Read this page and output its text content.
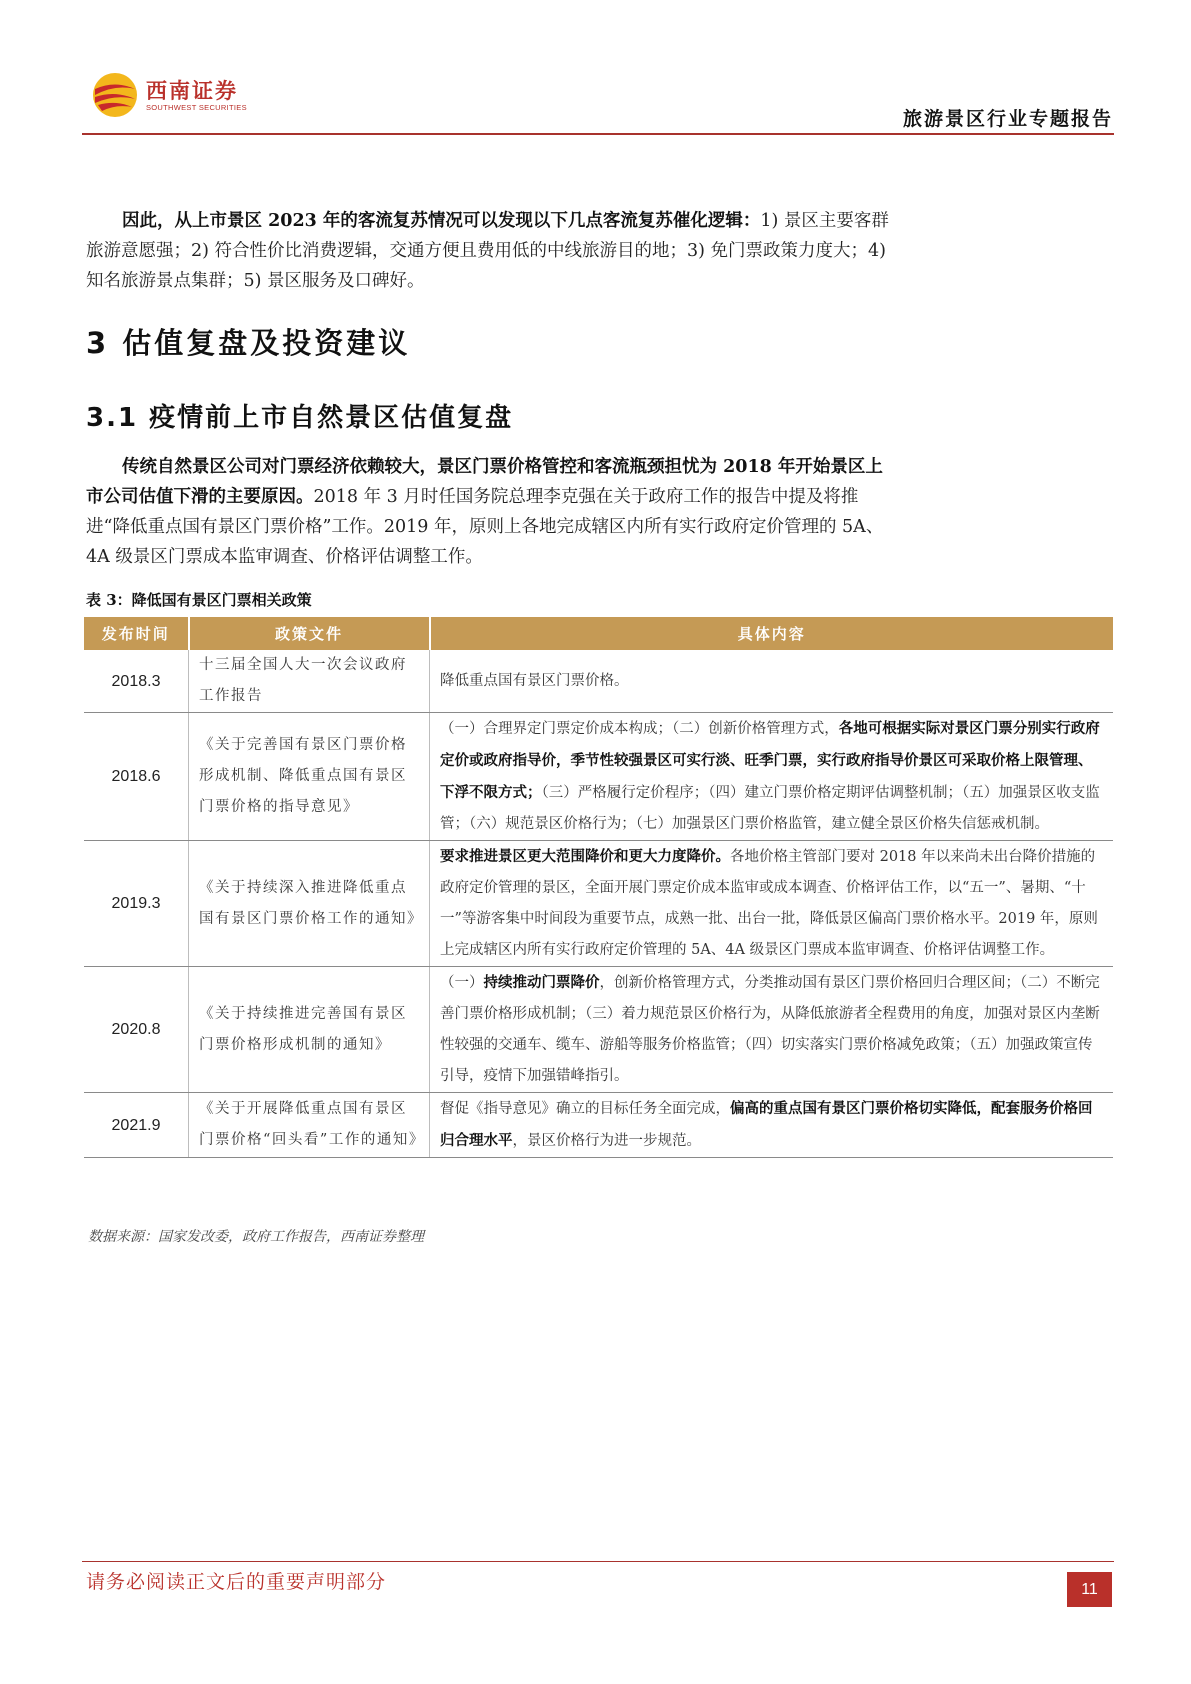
西南证券
SOUTHWEST SECURITIES
旅游景区行业专题报告
因此，从上市景区 2023 年的客流复苏情况可以发现以下几点客流复苏催化逻辑：1) 景区主要客群旅游意愿强；2) 符合性价比消费逻辑，交通方便且费用低的中线旅游目的地；3) 免门票政策力度大；4) 知名旅游景点集群；5) 景区服务及口碑好。
3 估值复盘及投资建议
3.1 疫情前上市自然景区估值复盘
传统自然景区公司对门票经济依赖较大，景区门票价格管控和客流瓶颈担忧为 2018 年开始景区上市公司估值下滑的主要原因。2018 年 3 月时任国务院总理李克强在关于政府工作的报告中提及将推进“降低重点国有景区门票价格”工作。2019 年，原则上各地完成辖区内所有实行政府定价管理的 5A、4A 级景区门票成本监审调查、价格评估调整工作。
表 3：降低国有景区门票相关政策
发布时间	政策文件	具体内容
2018.3	十三届全国人大一次会议政府工作报告	降低重点国有景区门票价格。
2018.6	《关于完善国有景区门票价格形成机制、降低重点国有景区门票价格的指导意见》	（一）合理界定门票定价成本构成；（二）创新价格管理方式，各地可根据实际对景区门票分别实行政府定价或政府指导价，季节性较强景区可实行淡、旺季门票，实行政府指导价景区可采取价格上限管理、下浮不限方式；（三）严格履行定价程序；（四）建立门票价格定期评估调整机制；（五）加强景区收支监管；（六）规范景区价格行为；（七）加强景区门票价格监管，建立健全景区价格失信惩戒机制。
2019.3	《关于持续深入推进降低重点国有景区门票价格工作的通知》	要求推进景区更大范围降价和更大力度降价。各地价格主管部门要对 2018 年以来尚未出台降价措施的政府定价管理的景区，全面开展门票定价成本监审或成本调查、价格评估工作，以“五一”、暑期、“十一”等游客集中时间段为重要节点，成熟一批、出台一批，降低景区偏高门票价格水平。2019 年，原则上完成辖区内所有实行政府定价管理的 5A、4A 级景区门票成本监审调查、价格评估调整工作。
2020.8	《关于持续推进完善国有景区门票价格形成机制的通知》	（一）持续推动门票降价，创新价格管理方式，分类推动国有景区门票价格回归合理区间；（二）不断完善门票价格形成机制；（三）着力规范景区价格行为，从降低旅游者全程费用的角度，加强对景区内垄断性较强的交通车、缆车、游船等服务价格监管；（四）切实落实门票价格减免政策；（五）加强政策宣传引导，疫情下加强错峰指引。
2021.9	《关于开展降低重点国有景区门票价格“回头看”工作的通知》	督促《指导意见》确立的目标任务全面完成，偏高的重点国有景区门票价格切实降低，配套服务价格回归合理水平，景区价格行为进一步规范。
数据来源：国家发改委，政府工作报告，西南证券整理
请务必阅读正文后的重要声明部分	11
